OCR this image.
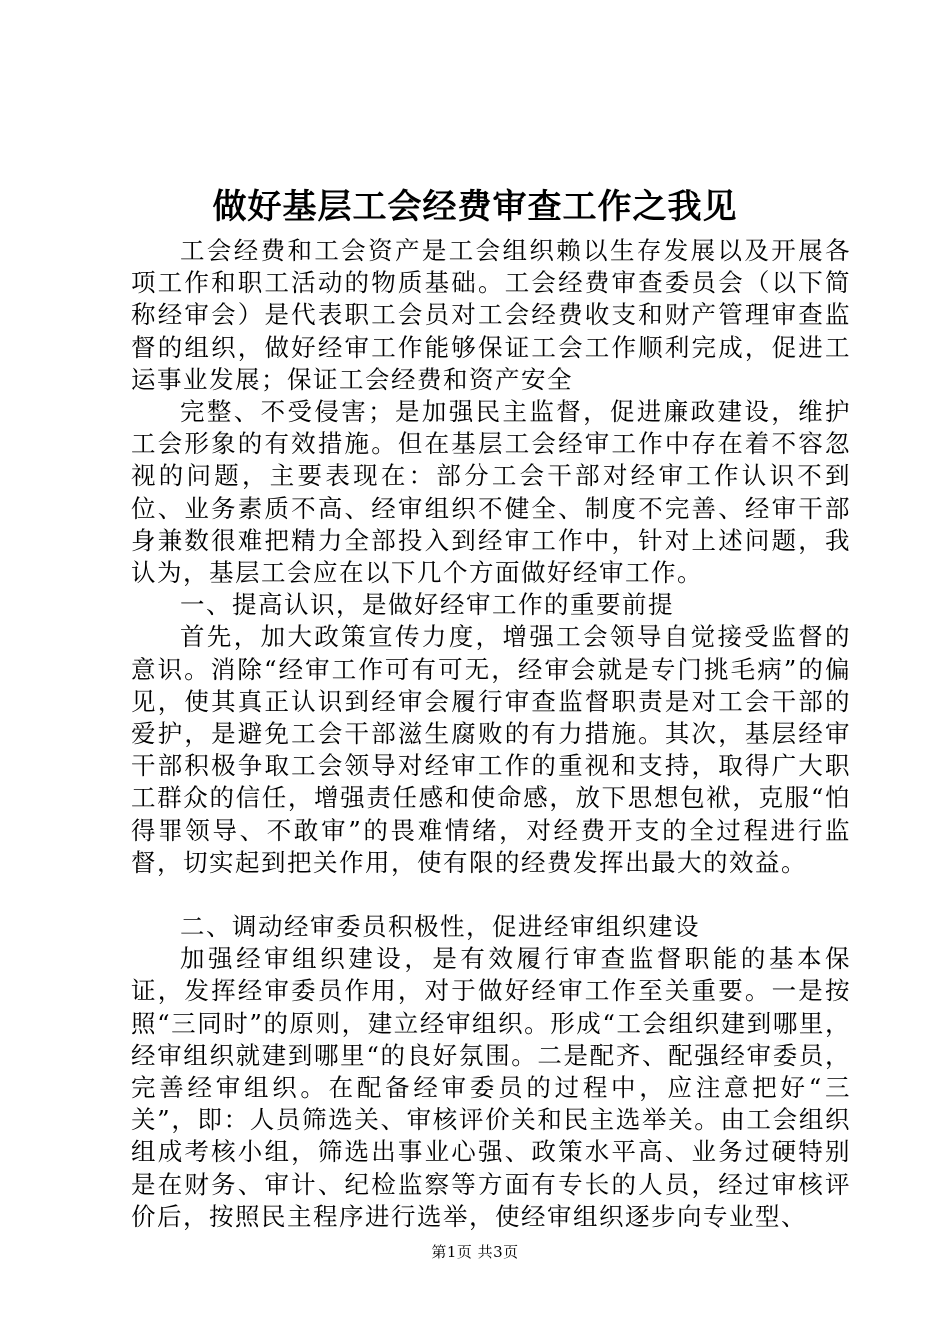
做好基层工会经费审查工作之我见

工会经费和工会资产是工会组织赖以生存发展以及开展各项工作和职工活动的物质基础。工会经费审查委员会（以下简称经审会）是代表职工会员对工会经费收支和财产管理审查监督的组织，做好经审工作能够保证工会工作顺利完成，促进工运事业发展；保证工会经费和资产安全

完整、不受侵害；是加强民主监督，促进廉政建设，维护工会形象的有效措施。但在基层工会经审工作中存在着不容忽视的问题，主要表现在：部分工会干部对经审工作认识不到位、业务素质不高、经审组织不健全、制度不完善、经审干部身兼数很难把精力全部投入到经审工作中，针对上述问题，我认为，基层工会应在以下几个方面做好经审工作。

一、提高认识，是做好经审工作的重要前提

首先，加大政策宣传力度，增强工会领导自觉接受监督的意识。消除“经审工作可有可无，经审会就是专门挑毛病”的偏见，使其真正认识到经审会履行审查监督职责是对工会干部的爱护，是避免工会干部滋生腐败的有力措施。其次，基层经审干部积极争取工会领导对经审工作的重视和支持，取得广大职工群众的信任，增强责任感和使命感，放下思想包袱，克服“怕得罪领导、不敢审”的畏难情绪，对经费开支的全过程进行监督，切实起到把关作用，使有限的经费发挥出最大的效益。

二、调动经审委员积极性，促进经审组织建设

加强经审组织建设，是有效履行审查监督职能的基本保证，发挥经审委员作用，对于做好经审工作至关重要。一是按照“三同时”的原则，建立经审组织。形成“工会组织建到哪里，经审组织就建到哪里“的良好氛围。二是配齐、配强经审委员，完善经审组织。在配备经审委员的过程中，应注意把好“三关”，即：人员筛选关、审核评价关和民主选举关。由工会组织组成考核小组，筛选出事业心强、政策水平高、业务过硬特别是在财务、审计、纪检监察等方面有专长的人员，经过审核评价后，按照民主程序进行选举，使经审组织逐步向专业型、

第1页 共3页
